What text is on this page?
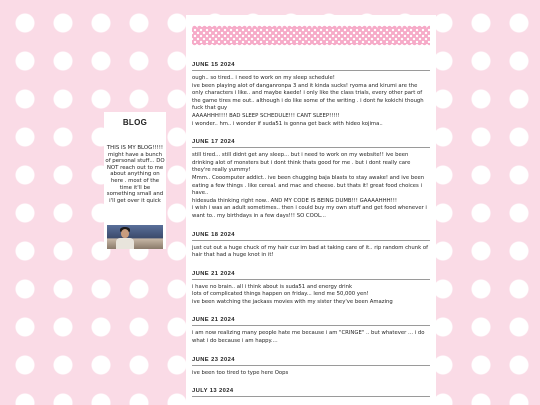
BLOG
THIS IS MY BLOG!!!!! might have a bunch of personal stuff... DO NOT reach out to me about anything on here . most of the time it'll be something small and i'll get over it quick
JUNE 15 2024

ough.. so tired.. i need to work on my sleep schedule!

ive been playing alot of danganronpa 3 and it kinda sucks! ryoma and kirumi are the only characters i like.. and maybe kaede! i only like the class trials, every other part of the game tires me out.. although i do like some of the writing . i dont fw kokichi though fuck that guy

AAAAHHH!!!! BAD SLEEP SCHEDULE!!! CANT SLEEP!!!!!

i wonder.. hm.. i wonder if suda51 is gonna get back with hideo kojima..

JUNE 17 2024

still tired... still didnt get any sleep... but i need to work on my website!! ive been drinking alot of monsters but i dont think thats good for me . but i dont really care they're really yummy!

Mmm.. Cooomputer addict.. ive been chugging baja blasts to stay awake! and ive been eating a few things . like cereal. and mac and cheese. but thats it! great food choices i have..

hidesuda thinking right now.. AND MY CODE IS BEING DUMB!!! GAAAAHHH!!!

i wish i was an adult sometimes.. then i could buy my own stuff and get food whenever i want to.. my birthdays in a few days!!! SO COOL...

JUNE 18 2024

just cut out a huge chuck of my hair cuz im bad at taking care of it.. rip random chunk of hair that had a huge knot in it!

JUNE 21 2024

i have no brain.. all i think about is suda51 and energy drink

lots of complicated things happen on friday... lend me 50,000 yen!

ive been watching the jackass movies with my sister they've been Amazing

JUNE 21 2024

i am now realizing many people hate me because i am "CRINGE" .. but whatever ... i do what i do because i am happy....

JUNE 23 2024

ive been too tired to type here Oops

JULY 13 2024
